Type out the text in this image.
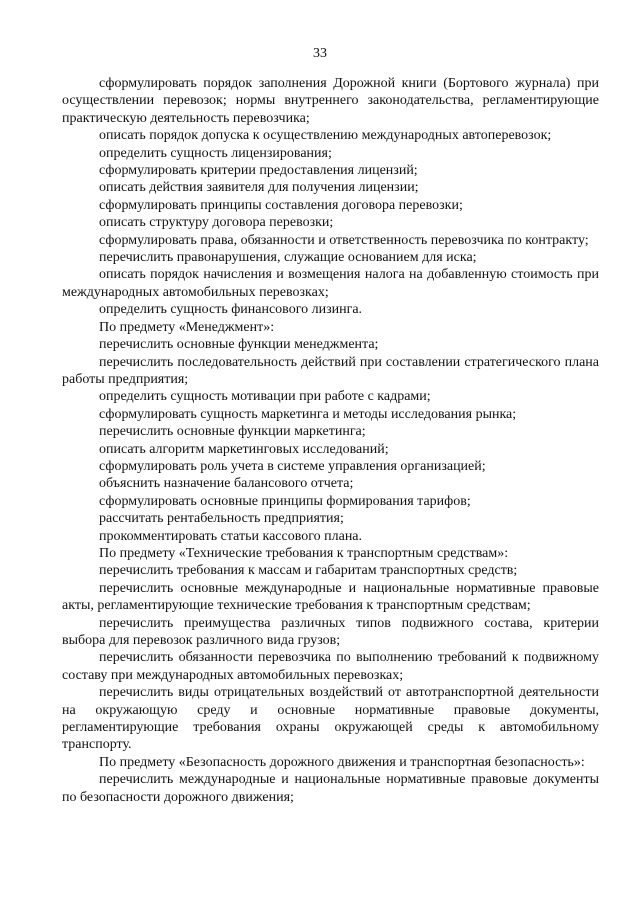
33

сформулировать порядок заполнения Дорожной книги (Бортового журнала) при осуществлении перевозок; нормы внутреннего законодательства, регламентирующие практическую деятельность перевозчика;

описать порядок допуска к осуществлению международных автоперевозок;

определить сущность лицензирования;

сформулировать критерии предоставления лицензий;

описать действия заявителя для получения лицензии;

сформулировать принципы составления договора перевозки;

описать структуру договора перевозки;

сформулировать права, обязанности и ответственность перевозчика по контракту;

перечислить правонарушения, служащие основанием для иска;

описать порядок начисления и возмещения налога на добавленную стоимость при международных автомобильных перевозках;

определить сущность финансового лизинга.

По предмету «Менеджмент»:

перечислить основные функции менеджмента;

перечислить последовательность действий при составлении стратегического плана работы предприятия;

определить сущность мотивации при работе с кадрами;

сформулировать сущность маркетинга и методы исследования рынка;

перечислить основные функции маркетинга;

описать алгоритм маркетинговых исследований;

сформулировать роль учета в системе управления организацией;

объяснить назначение балансового отчета;

сформулировать основные принципы формирования тарифов;

рассчитать рентабельность предприятия;

прокомментировать статьи кассового плана.

По предмету «Технические требования к транспортным средствам»:

перечислить требования к массам и габаритам транспортных средств;

перечислить основные международные и национальные нормативные правовые акты, регламентирующие технические требования к транспортным средствам;

перечислить преимущества различных типов подвижного состава, критерии выбора для перевозок различного вида грузов;

перечислить обязанности перевозчика по выполнению требований к подвижному составу при международных автомобильных перевозках;

перечислить виды отрицательных воздействий от автотранспортной деятельности на окружающую среду и основные нормативные правовые документы, регламентирующие требования охраны окружающей среды к автомобильному транспорту.

По предмету «Безопасность дорожного движения и транспортная безопасность»:

перечислить международные и национальные нормативные правовые документы по безопасности дорожного движения;
